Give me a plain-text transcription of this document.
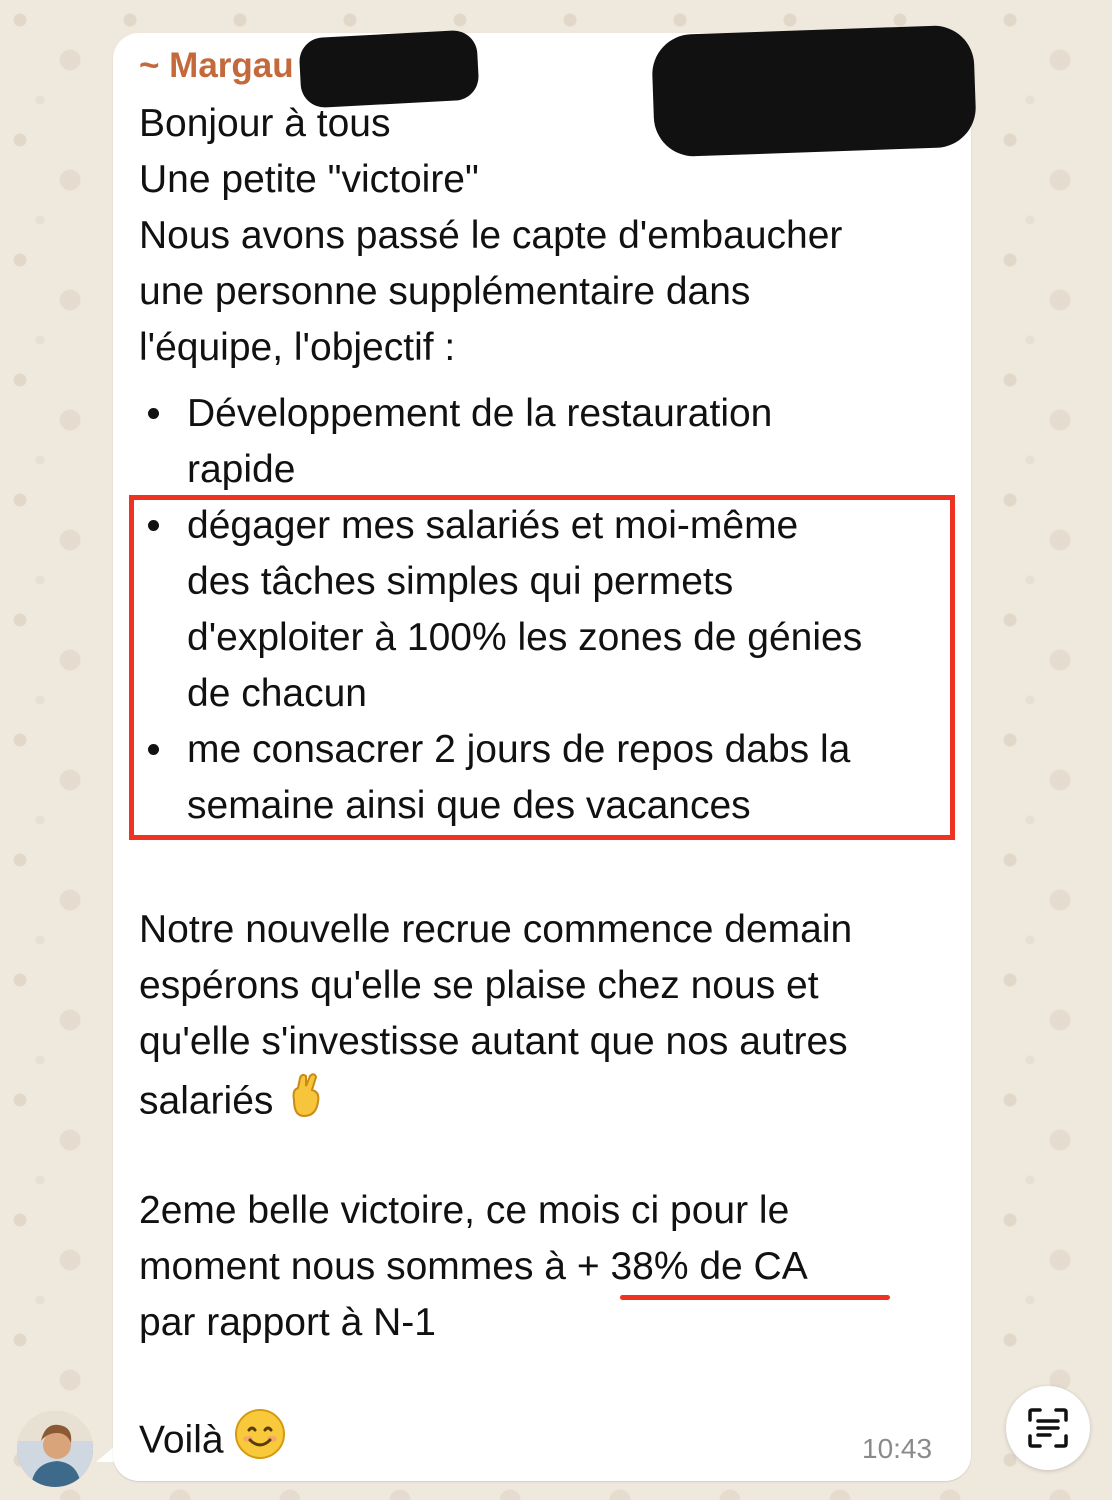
~ Margau
Bonjour à tous
Une petite "victoire"
Nous avons passé le capte d'embaucher
une personne supplémentaire dans
l'équipe, l'objectif :
Développement de la restauration
rapide
dégager mes salariés et moi-même
des tâches simples qui permets
d'exploiter à 100% les zones de génies
de chacun
me consacrer 2 jours de repos dabs la
semaine ainsi que des vacances
Notre nouvelle recrue commence demain
espérons qu'elle se plaise chez nous et
qu'elle s'investisse autant que nos autres
salariés
2eme belle victoire, ce mois ci pour le
moment nous sommes à + 38% de CA
par rapport à N-1
Voilà	10:43
